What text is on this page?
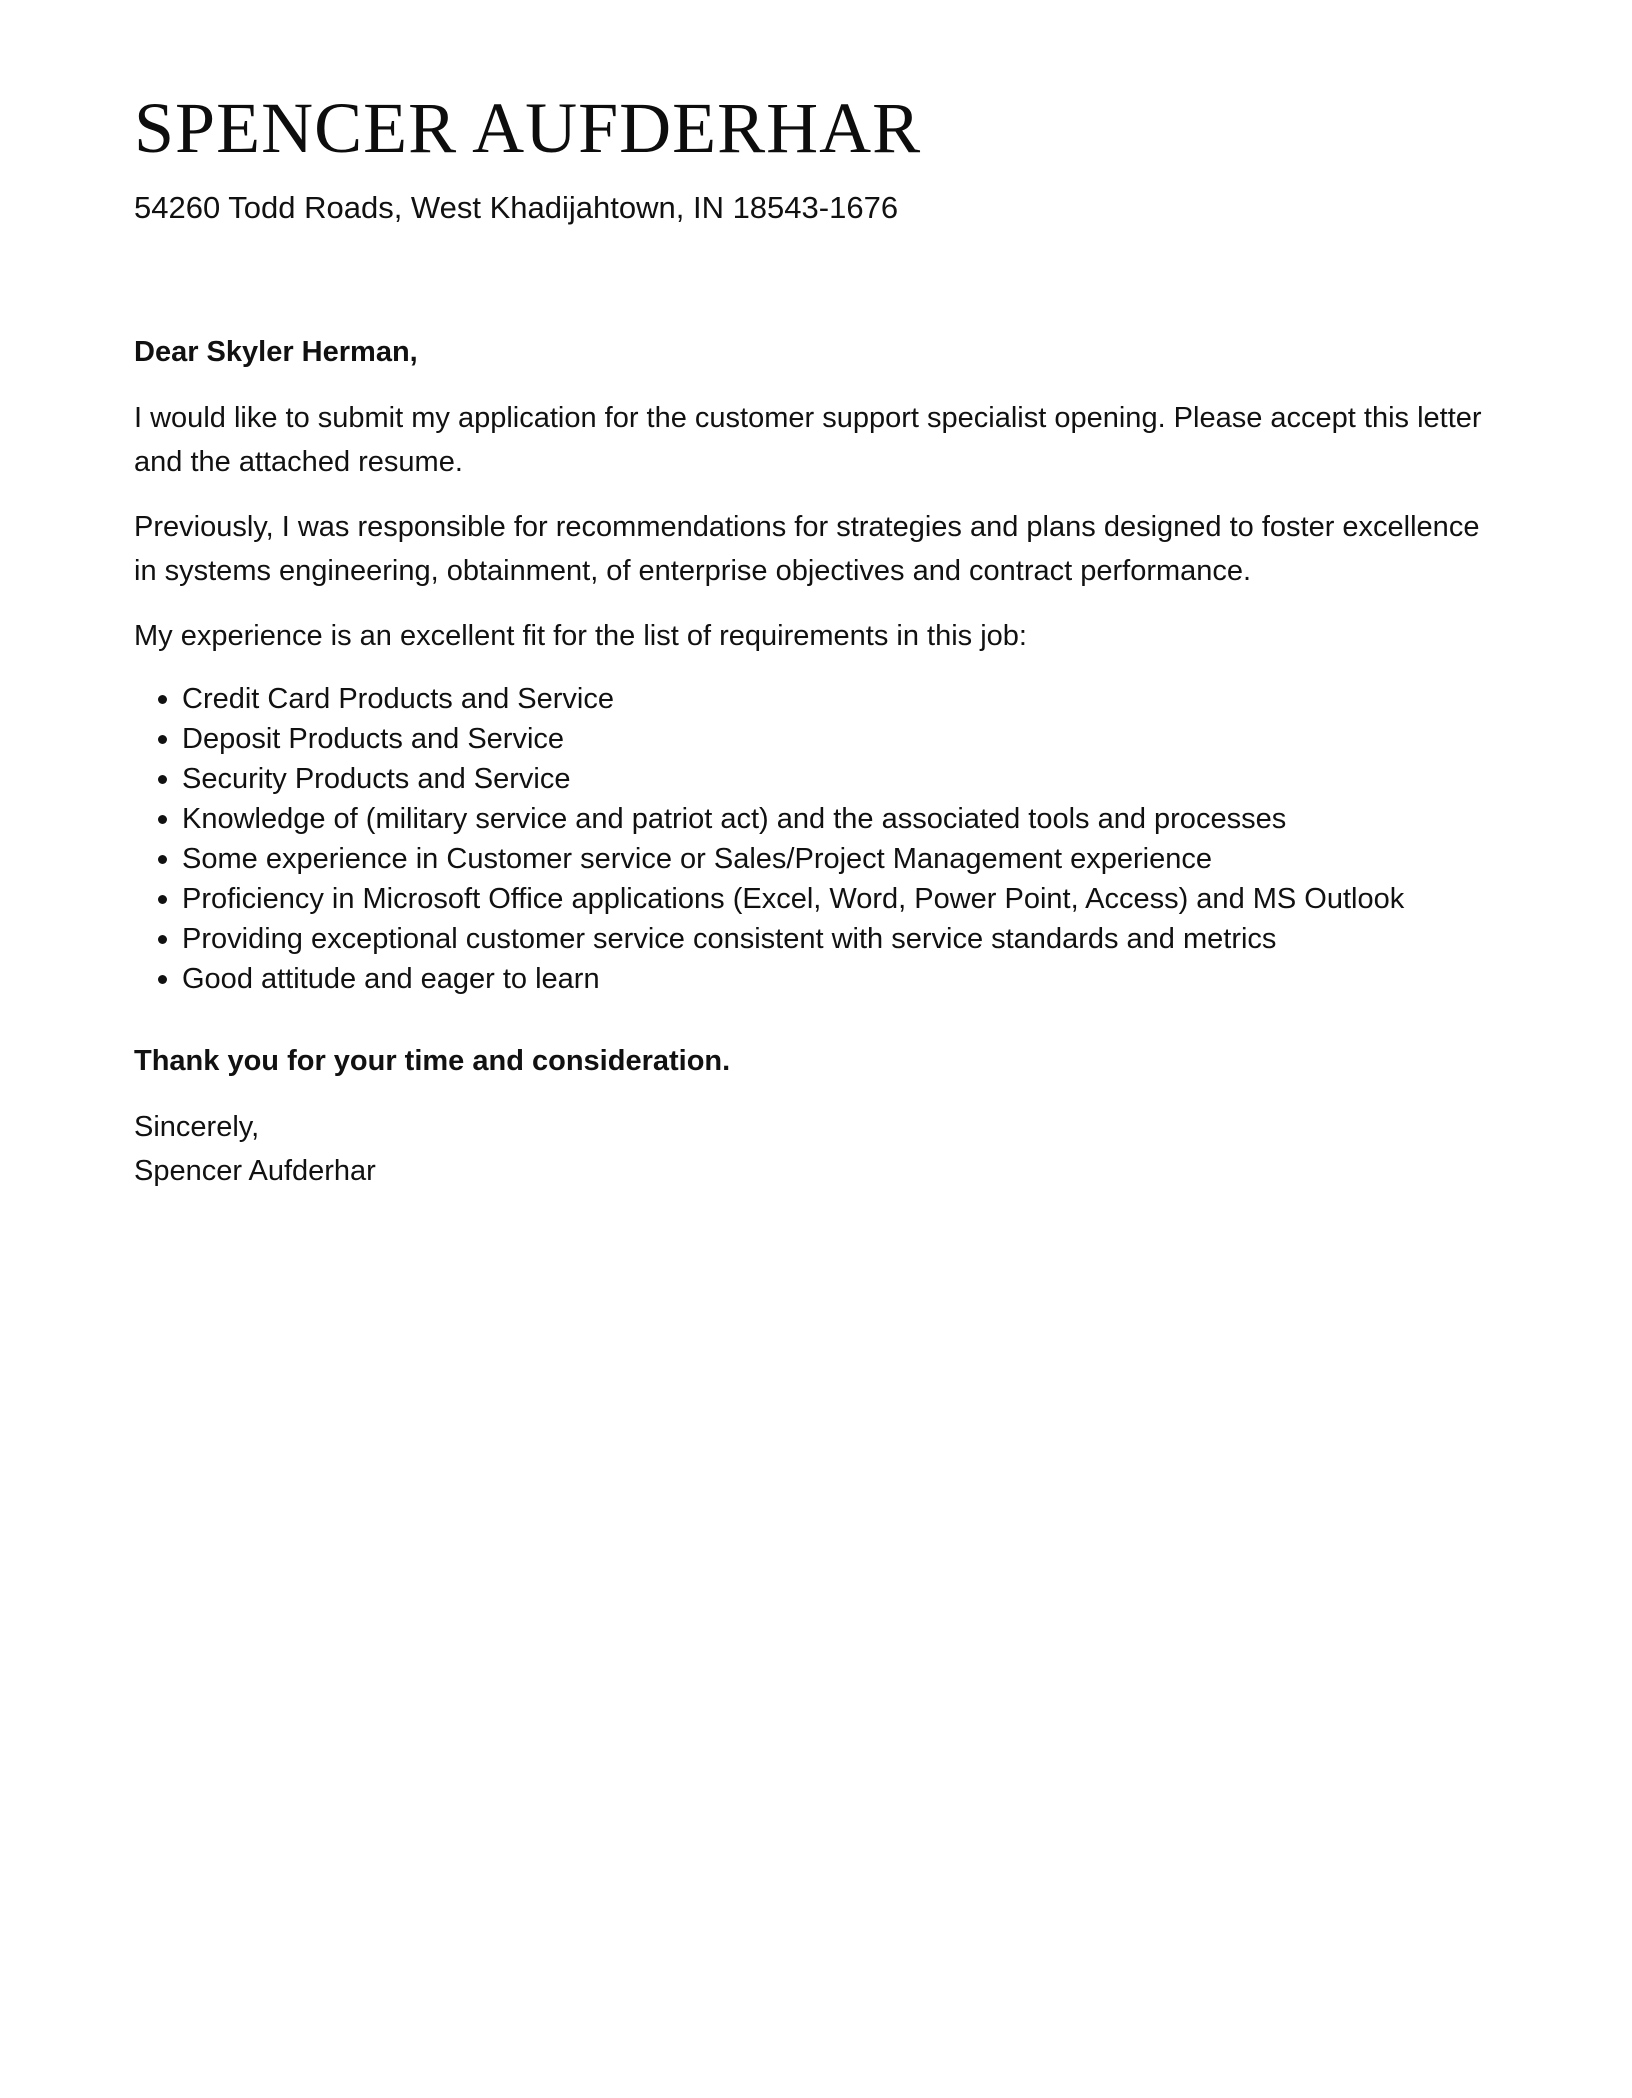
SPENCER AUFDERHAR
54260 Todd Roads, West Khadijahtown, IN 18543-1676

Dear Skyler Herman,

I would like to submit my application for the customer support specialist opening. Please accept this letter and the attached resume.

Previously, I was responsible for recommendations for strategies and plans designed to foster excellence in systems engineering, obtainment, of enterprise objectives and contract performance.

My experience is an excellent fit for the list of requirements in this job:

Credit Card Products and Service
Deposit Products and Service
Security Products and Service
Knowledge of (military service and patriot act) and the associated tools and processes
Some experience in Customer service or Sales/Project Management experience
Proficiency in Microsoft Office applications (Excel, Word, Power Point, Access) and MS Outlook
Providing exceptional customer service consistent with service standards and metrics
Good attitude and eager to learn

Thank you for your time and consideration.

Sincerely,
Spencer Aufderhar
